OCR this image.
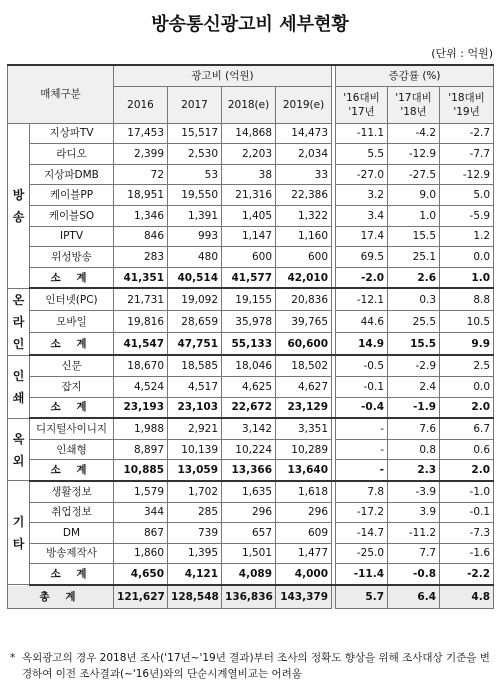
방송통신광고비 세부현황
(단위 : 억원)
매체구분		광고비 (억원)					증감률 (%)		
		2016	2017	2018(e)	2019(e)		'16대비 '17년	'17대비 '18년	'18대비 '19년
방송	지상파TV	17,453	15,517	14,868	14,473		-11.1	-4.2	-2.7
	라디오	2,399	2,530	2,203	2,034		5.5	-12.9	-7.7
	지상파DMB	72	53	38	33		-27.0	-27.5	-12.9
	케이블PP	18,951	19,550	21,316	22,386		3.2	9.0	5.0
	케이블SO	1,346	1,391	1,405	1,322		3.4	1.0	-5.9
	IPTV	846	993	1,147	1,160		17.4	15.5	1.2
	위성방송	283	480	600	600		69.5	25.1	0.0
	소 계	41,351	40,514	41,577	42,010		-2.0	2.6	1.0
온라인	인터넷(PC)	21,731	19,092	19,155	20,836		-12.1	0.3	8.8
	모바일	19,816	28,659	35,978	39,765		44.6	25.5	10.5
	소 계	41,547	47,751	55,133	60,600		14.9	15.5	9.9
인쇄	신문	18,670	18,585	18,046	18,502		-0.5	-2.9	2.5
	잡지	4,524	4,517	4,625	4,627		-0.1	2.4	0.0
	소 계	23,193	23,103	22,672	23,129		-0.4	-1.9	2.0
옥외	디지털사이니지	1,988	2,921	3,142	3,351		-	7.6	6.7
	인쇄형	8,897	10,139	10,224	10,289		-	0.8	0.6
	소 계	10,885	13,059	13,366	13,640		-	2.3	2.0
기타	생활정보	1,579	1,702	1,635	1,618		7.8	-3.9	-1.0
	취업정보	344	285	296	296		-17.2	3.9	-0.1
	DM	867	739	657	609		-14.7	-11.2	-7.3
	방송제작사	1,860	1,395	1,501	1,477		-25.0	7.7	-1.6
	소 계	4,650	4,121	4,089	4,000		-11.4	-0.8	-2.2
총 계		121,627	128,548	136,836	143,379		5.7	6.4	4.8
* 옥외광고의 경우 2018년 조사('17년~'19년 결과)부터 조사의 정확도 향상을 위해 조사대상 기준을 변경하여 이전 조사결과(~'16년)와의 단순시계열비교는 어려움
